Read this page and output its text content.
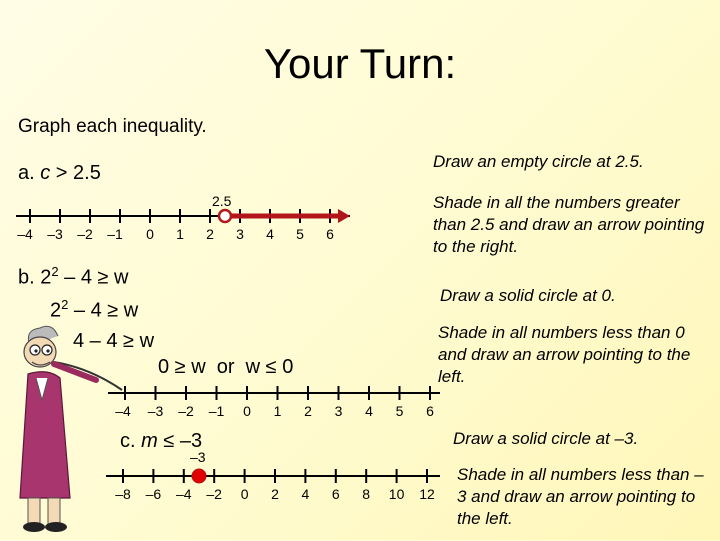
Your Turn:
Graph each inequality.
a. c > 2.5
Draw an empty circle at 2.5.
Shade in all the numbers greater than 2.5 and draw an arrow pointing to the right.
2.5
–4	–3	–2	–1	0	1	2	3	4	5	6
b. $2^2 - 4 \ge w$
$2^2 - 4 \ge w$
4 – 4 ≥ w
0 ≥ w  or  w ≤ 0
Draw a solid circle at 0.
Shade in all numbers less than 0 and draw an arrow pointing to the left.
–4	–3	–2	–1	0	1	2	3	4	5	6
c. m ≤ –3
–3
Draw a solid circle at –3.
Shade in all numbers less than –3 and draw an arrow pointing to the left.
–8	–6	–4	–2	0	2	4	6	8	10	12
